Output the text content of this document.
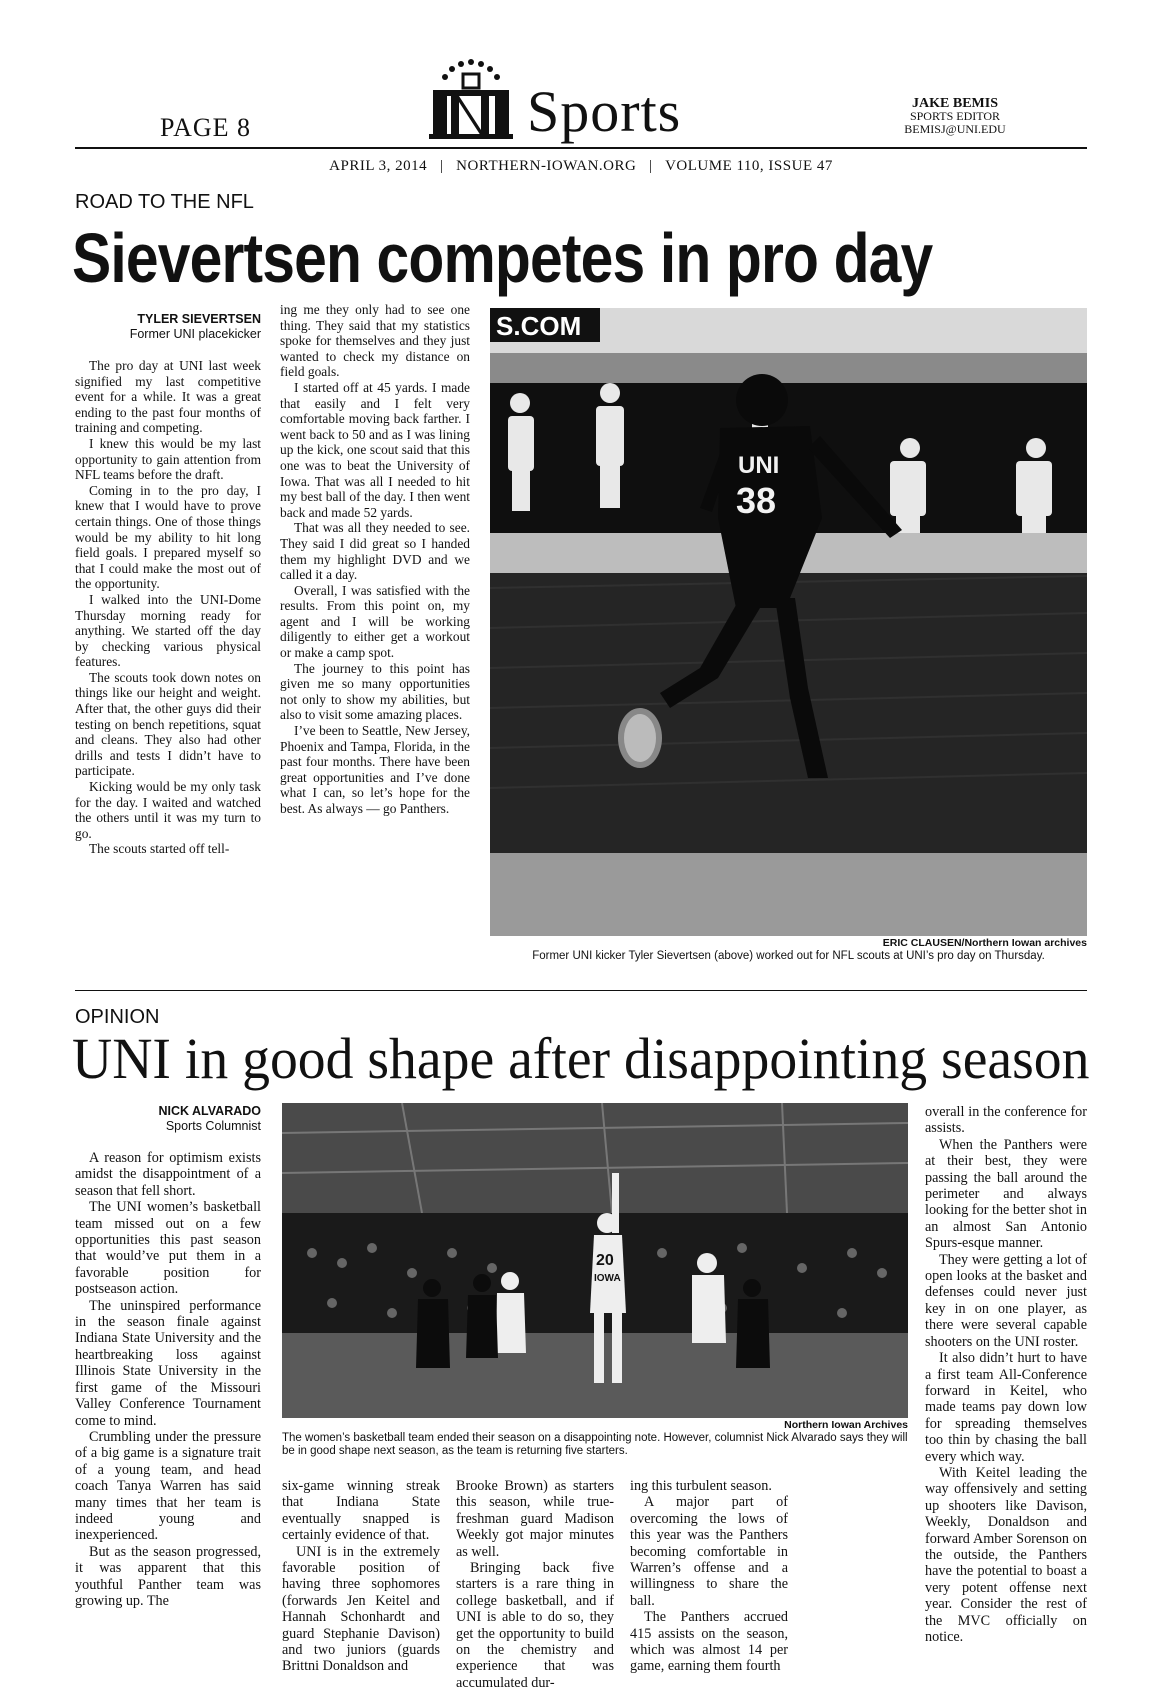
PAGE 8	Sports	JAKE BEMIS
SPORTS EDITOR
BEMISJ@UNI.EDU
APRIL 3, 2014   |   NORTHERN-IOWAN.ORG   |   VOLUME 110, ISSUE 47
ROAD TO THE NFL
Sievertsen competes in pro day
TYLER SIEVERTSEN
Former UNI placekicker

The pro day at UNI last week signified my last competitive event for a while. It was a great ending to the past four months of training and competing.

I knew this would be my last opportunity to gain attention from NFL teams before the draft.

Coming in to the pro day, I knew that I would have to prove certain things. One of those things would be my ability to hit long field goals. I prepared myself so that I could make the most out of the opportunity.

I walked into the UNI-Dome Thursday morning ready for anything. We started off the day by checking various physical features.

The scouts took down notes on things like our height and weight. After that, the other guys did their testing on bench repetitions, squat and cleans. They also had other drills and tests I didn’t have to participate.

Kicking would be my only task for the day. I waited and watched the others until it was my turn to go.

The scouts started off tell-

ing me they only had to see one thing. They said that my statistics spoke for themselves and they just wanted to check my distance on field goals.

I started off at 45 yards. I made that easily and I felt very comfortable moving back farther. I went back to 50 and as I was lining up the kick, one scout said that this one was to beat the University of Iowa. That was all I needed to hit my best ball of the day. I then went back and made 52 yards.

That was all they needed to see. They said I did great so I handed them my highlight DVD and we called it a day.

Overall, I was satisfied with the results. From this point on, my agent and I will be working diligently to either get a workout or make a camp spot.

The journey to this point has given me so many opportunities not only to show my abilities, but also to visit some amazing places.

I’ve been to Seattle, New Jersey, Phoenix and Tampa, Florida, in the past four months. There have been great opportunities and I’ve done what I can, so let’s hope for the best. As always — go Panthers.

S.COM
UNI
38
ERIC CLAUSEN/Northern Iowan archives
Former UNI kicker Tyler Sievertsen (above) worked out for NFL scouts at UNI’s pro day on Thursday.
OPINION
UNI in good shape after disappointing season
NICK ALVARADO
Sports Columnist

A reason for optimism exists amidst the disappointment of a season that fell short.

The UNI women’s basketball team missed out on a few opportunities this past season that would’ve put them in a favorable position for postseason action.

The uninspired performance in the season finale against Indiana State University and the heartbreaking loss against Illinois State University in the first game of the Missouri Valley Conference Tournament come to mind.

Crumbling under the pressure of a big game is a signature trait of a young team, and head coach Tanya Warren has said many times that her team is indeed young and inexperienced.

But as the season progressed, it was apparent that this youthful Panther team was growing up. The

20
IOWA
Northern Iowan Archives
The women’s basketball team ended their season on a disappointing note. However, columnist Nick Alvarado says they will be in good shape next season, as the team is returning five starters.

six-game winning streak that Indiana State eventually snapped is certainly evidence of that.

UNI is in the extremely favorable position of having three sophomores (forwards Jen Keitel and Hannah Schonhardt and guard Stephanie Davison) and two juniors (guards Brittni Donaldson and

Brooke Brown) as starters this season, while true-freshman guard Madison Weekly got major minutes as well.

Bringing back five starters is a rare thing in college basketball, and if UNI is able to do so, they get the opportunity to build on the chemistry and experience that was accumulated dur-

ing this turbulent season.

A major part of overcoming the lows of this year was the Panthers becoming comfortable in Warren’s offense and a willingness to share the ball.

The Panthers accrued 415 assists on the season, which was almost 14 per game, earning them fourth

overall in the conference for assists.

When the Panthers were at their best, they were passing the ball around the perimeter and always looking for the better shot in an almost San Antonio Spurs-esque manner.

They were getting a lot of open looks at the basket and defenses could never just key in on one player, as there were several capable shooters on the UNI roster.

It also didn’t hurt to have a first team All-Conference forward in Keitel, who made teams pay down low for spreading themselves too thin by chasing the ball every which way.

With Keitel leading the way offensively and setting up shooters like Davison, Weekly, Donaldson and forward Amber Sorenson on the outside, the Panthers have the potential to boast a very potent offense next year. Consider the rest of the MVC officially on notice.
